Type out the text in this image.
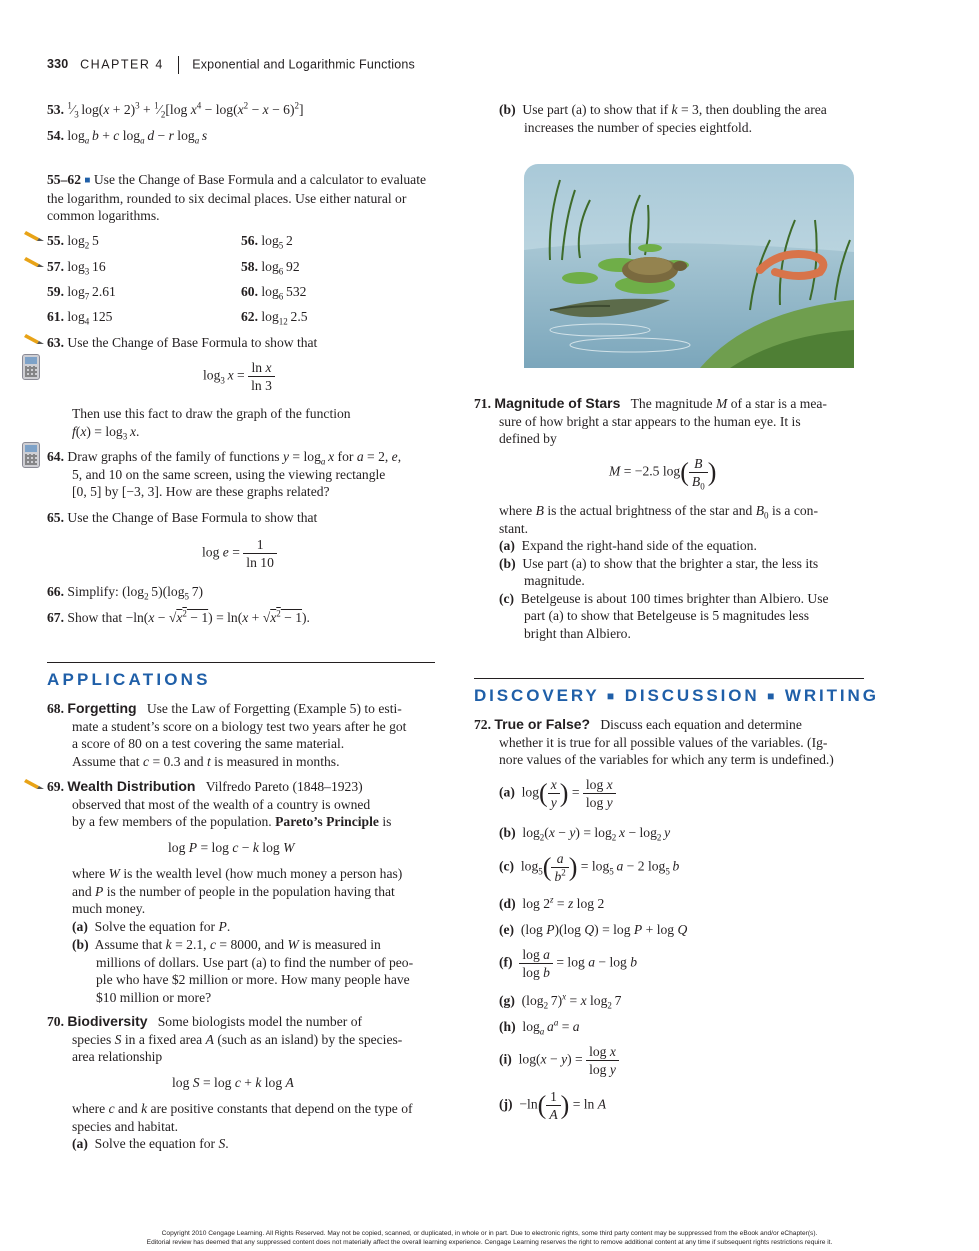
330 CHAPTER 4 Exponential and Logarithmic Functions
53. $^1⁄_3$ $\log(x + 2)^3$ + $^1⁄_2[\log$ $x^4 - \log(x^2 - x - 6)^2$]
54. $\log_a b + c$ $\log_a d - r$ $\log_a s$
55–62 ■ Use the Change of Base Formula and a calculator to evaluate the logarithm, rounded to six decimal places. Use either natural or common logarithms.
55. $\log_2 5$	56. $\log_5 2$
57. $\log_3 16$	58. $\log_6 92$
59. $\log_7 2.61$	60. $\log_6 532$
61. $\log_4 125$	62. $\log_{12} 2.5$
63. Use the Change of Base Formula to show that
$\log_3 x = \frac{\text{ln x}}{\ln 3}$
Then use this fact to draw the graph of the function
$f(x) = \log_3 x$.
64. Draw graphs of the family of functions $y = \log_a x$ for a = 2, e,
5, and 10 on the same screen, using the viewing rectangle
[0, 5] by [−3, 3]. How are these graphs related?
65. Use the Change of Base Formula to show that
$\log e = \frac{1}{\ln 10}$
66. Simplify: ($\log_2$ $5)(\log_5$ 7)
67. Show that $-\ln(x - √x^2 - 1) = \ln(x + √x^2 - 1)$.
APPLICATIONS
68. Forgetting Use the Law of Forgetting (Example 5) to esti-
mate a student’s score on a biology test two years after he got
a score of 80 on a test covering the same material.
Assume that c = 0.3 and t is measured in months.
69. Wealth Distribution Vilfredo Pareto (1848–1923)
observed that most of the wealth of a country is owned
by a few members of the population. Pareto’s Principle is
log P = log c − k log W
where W is the wealth level (how much money a person has)
and P is the number of people in the population having that
much money.
(a) Solve the equation for P.
(b) Assume that k = 2.1, c = 8000, and W is measured in
millions of dollars. Use part (a) to find the number of peo-
ple who have $2 million or more. How many people have
$10 million or more?
70. Biodiversity Some biologists model the number of
species S in a fixed area A (such as an island) by the species-
area relationship
log S = log c + k log A
where c and k are positive constants that depend on the type of
species and habitat.
(a) Solve the equation for S.
(b) Use part (a) to show that if k = 3, then doubling the area
increases the number of species eightfold.
71. Magnitude of Stars The magnitude M of a star is a mea-
sure of how bright a star appears to the human eye. It is
defined by
M = −2.5 $\log( \frac{B}{B_0}$ )
where B is the actual brightness of the star and $B_0$ is a con-
stant.
(a) Expand the right-hand side of the equation.
(b) Use part (a) to show that the brighter a star, the less its
magnitude.
(c) Betelgeuse is about 100 times brighter than Albiero. Use
part (a) to show that Betelgeuse is 5 magnitudes less
bright than Albiero.
DISCOVERY ■ DISCUSSION ■ WRITING
72. True or False? Discuss each equation and determine
whether it is true for all possible values of the variables. (Ig-
nore values of the variables for which any term is undefined.)
(a)  $\log( \frac{x}{y}$ ) = $\frac{\text{log x}}{\text{log y}}$
(b)  $\log_2(x - y) = \log_2 x - \log_2 y$
(c)  $\log_5( \frac{a}{b^2}$ ) = $\log_5 a - 2$ $\log_5 b$
(d)  $\log 2^z = z$ log 2
(e)  (log P)(log Q) = log P + log Q
$(f) \frac{\text{log a}}{\text{log b}} = \log a - \log b$
(g)  ($\log_2$ 7)$^x$ = x $\log_2 7$
(h)  $\log_a a^a = a$
(i)  $\log(x - y) = \frac{\text{log x}}{\text{log y}}$
$(j) -\ln( \frac{1}{A}$ ) = ln A
Copyright 2010 Cengage Learning. All Rights Reserved. May not be copied, scanned, or duplicated, in whole or in part. Due to electronic rights, some third party content may be suppressed from the eBook and/or eChapter(s).
Editorial review has deemed that any suppressed content does not materially affect the overall learning experience. Cengage Learning reserves the right to remove additional content at any time if subsequent rights restrictions require it.
